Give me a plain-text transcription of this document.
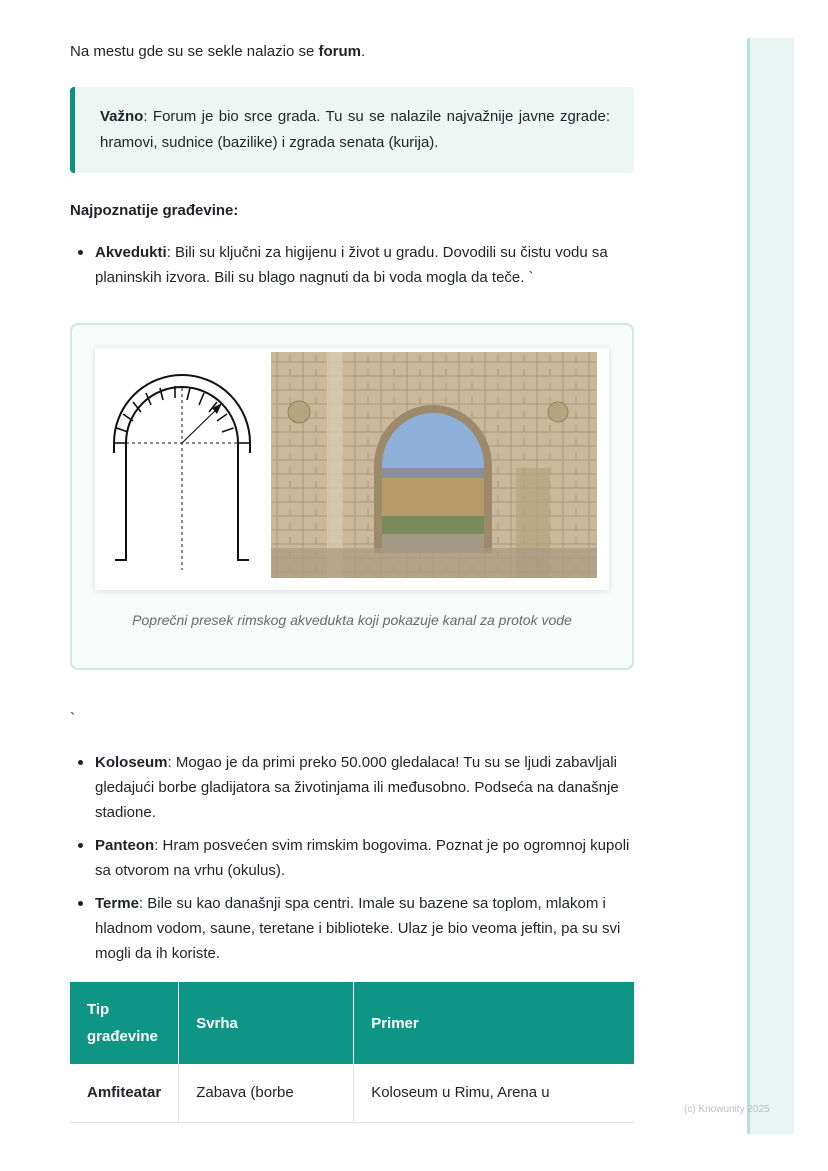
Na mestu gde su se sekle nalazio se forum.

Važno: Forum je bio srce grada. Tu su se nalazile najvažnije javne zgrade: hramovi, sudnice (bazilike) i zgrada senata (kurija).

Najpoznatije građevine:

Akvedukti: Bili su ključni za higijenu i život u gradu. Dovodili su čistu vodu sa planinskih izvora. Bili su blago nagnuti da bi voda mogla da teče. `

Poprečni presek rimskog akvedukta koji pokazuje kanal za protok vode

`

Koloseum: Mogao je da primi preko 50.000 gledalaca! Tu su se ljudi zabavljali gledajući borbe gladijatora sa životinjama ili međusobno. Podseća na današnje stadione.
Panteon: Hram posvećen svim rimskim bogovima. Poznat je po ogromnoj kupoli sa otvorom na vrhu (okulus).
Terme: Bile su kao današnji spa centri. Imale su bazene sa toplom, mlakom i hladnom vodom, saune, teretane i biblioteke. Ulaz je bio veoma jeftin, pa su svi mogli da ih koriste.
Tip građevine	Svrha	Primer
Amfiteatar	Zabava (borbe	Koloseum u Rimu, Arena u
(c) Knowunity 2025
